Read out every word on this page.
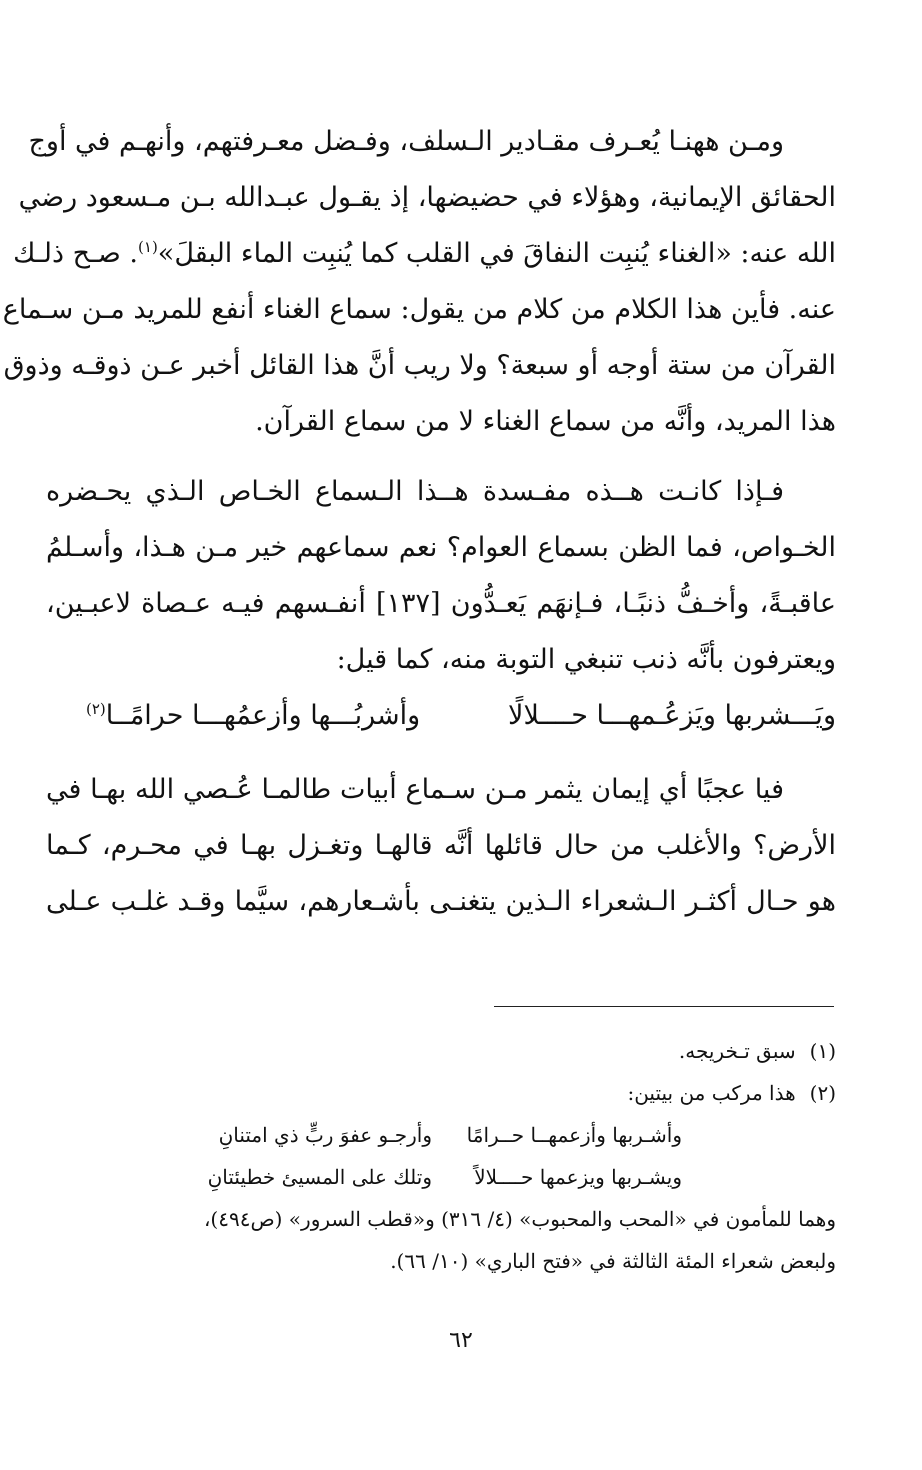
ومـن ههنـا يُعـرف مقـادير الـسلف، وفـضل معـرفتهم، وأنهـم في أوج
الحقائق الإيمانية، وهؤلاء في حضيضها، إذ يقـول عبـدالله بـن مـسعود رضي
الله عنه: «الغناء يُنبِت النفاقَ في القلب كما يُنبِت الماء البقلَ»$^{(١)}$. صـح ذلـك
عنه. فأين هذا الكلام من كلام من يقول: سماع الغناء أنفع للمريد مـن سـماع
القرآن من ستة أوجه أو سبعة؟ ولا ريب أنَّ هذا القائل أخبر عـن ذوقـه وذوق
هذا المريد، وأنَّه من سماع الغناء لا من سماع القرآن.
فـإذا كانـت هــذه مفـسدة هــذا الـسماع الخـاص الـذي يحـضره
الخـواص، فما الظن بسماع العوام؟ نعم سماعهم خير مـن هـذا، وأسـلمُ
عاقبـةً، وأخـفُّ ذنبًـا، فـإنهَم يَعـدُّون [١٣٧] أنفـسهم فيـه عـصاة لاعبـين،
ويعترفون بأنَّه ذنب تنبغي التوبة منه، كما قيل:
ويَـــشربها ويَزعُـمهـــا حــــلالًا
وأشربُـــها وأزعمُهـــا حرامًــا$^{(٢)}$
فيا عجبًا أي إيمان يثمر مـن سـماع أبيات طالمـا عُـصي الله بهـا في
الأرض؟ والأغلب من حال قائلها أنَّه قالهـا وتغـزل بهـا في محـرم، كـما
هو حـال أكثـر الـشعراء الـذين يتغنـى بأشـعارهم، سيَّما وقـد غلـب عـلى
(١)سبق تـخريجه.
(٢)هذا مركب من بيتين:
وأشـربها وأزعمهــا حــرامًا
وأرجـو عفوَ ربٍّ ذي امتنانِ
ويشـربها ويزعمها حــــلالاً
وتلك على المسيئ خطيئتانِ
وهما للمأمون في «المحب والمحبوب» (٤/ ٣١٦) و«قطب السرور» (ص٤٩٤)،
ولبعض شعراء المئة الثالثة في «فتح الباري» (١٠/ ٦٦).
٦٢
